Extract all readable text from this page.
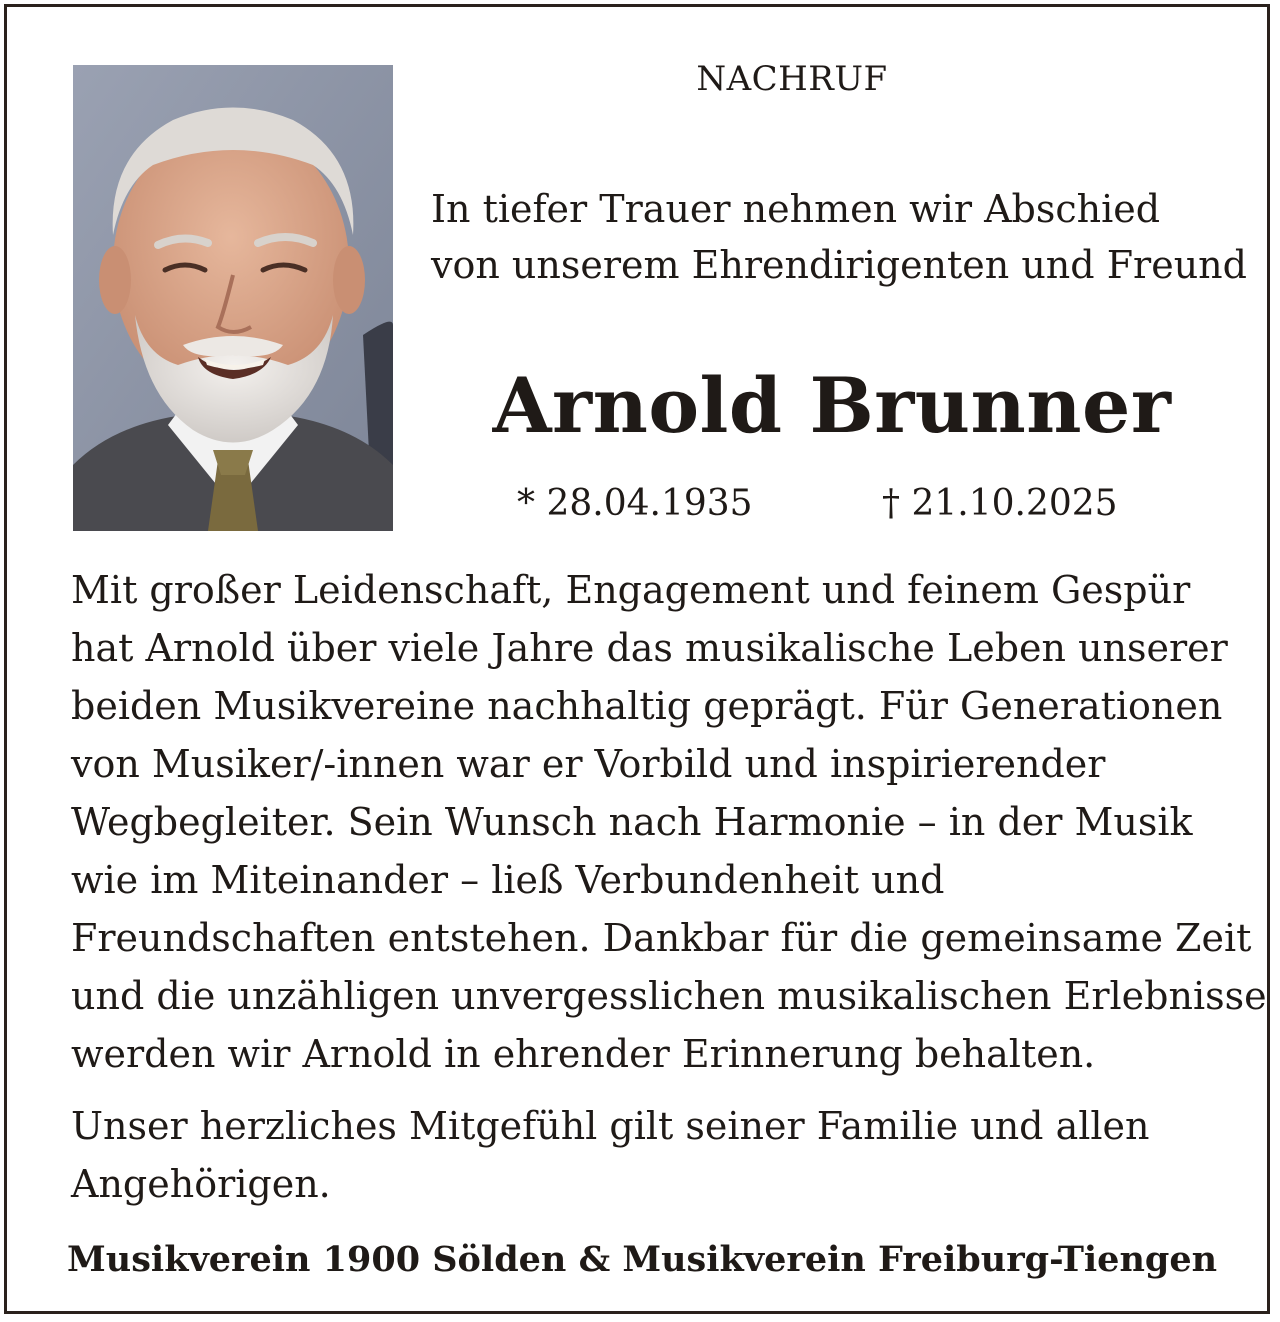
NACHRUF
In tiefer Trauer nehmen wir Abschied
von unserem Ehrendirigenten und Freund
Arnold Brunner
* 28.04.1935	† 21.10.2025
Mit großer Leidenschaft, Engagement und feinem Gespür
hat Arnold über viele Jahre das musikalische Leben unserer
beiden Musikvereine nachhaltig geprägt. Für Generationen
von Musiker/-innen war er Vorbild und inspirierender
Wegbegleiter. Sein Wunsch nach Harmonie – in der Musik
wie im Miteinander – ließ Verbundenheit und
Freundschaften entstehen. Dankbar für die gemeinsame Zeit
und die unzähligen unvergesslichen musikalischen Erlebnisse
werden wir Arnold in ehrender Erinnerung behalten.
Unser herzliches Mitgefühl gilt seiner Familie und allen
Angehörigen.
Musikverein 1900 Sölden & Musikverein Freiburg-Tiengen
